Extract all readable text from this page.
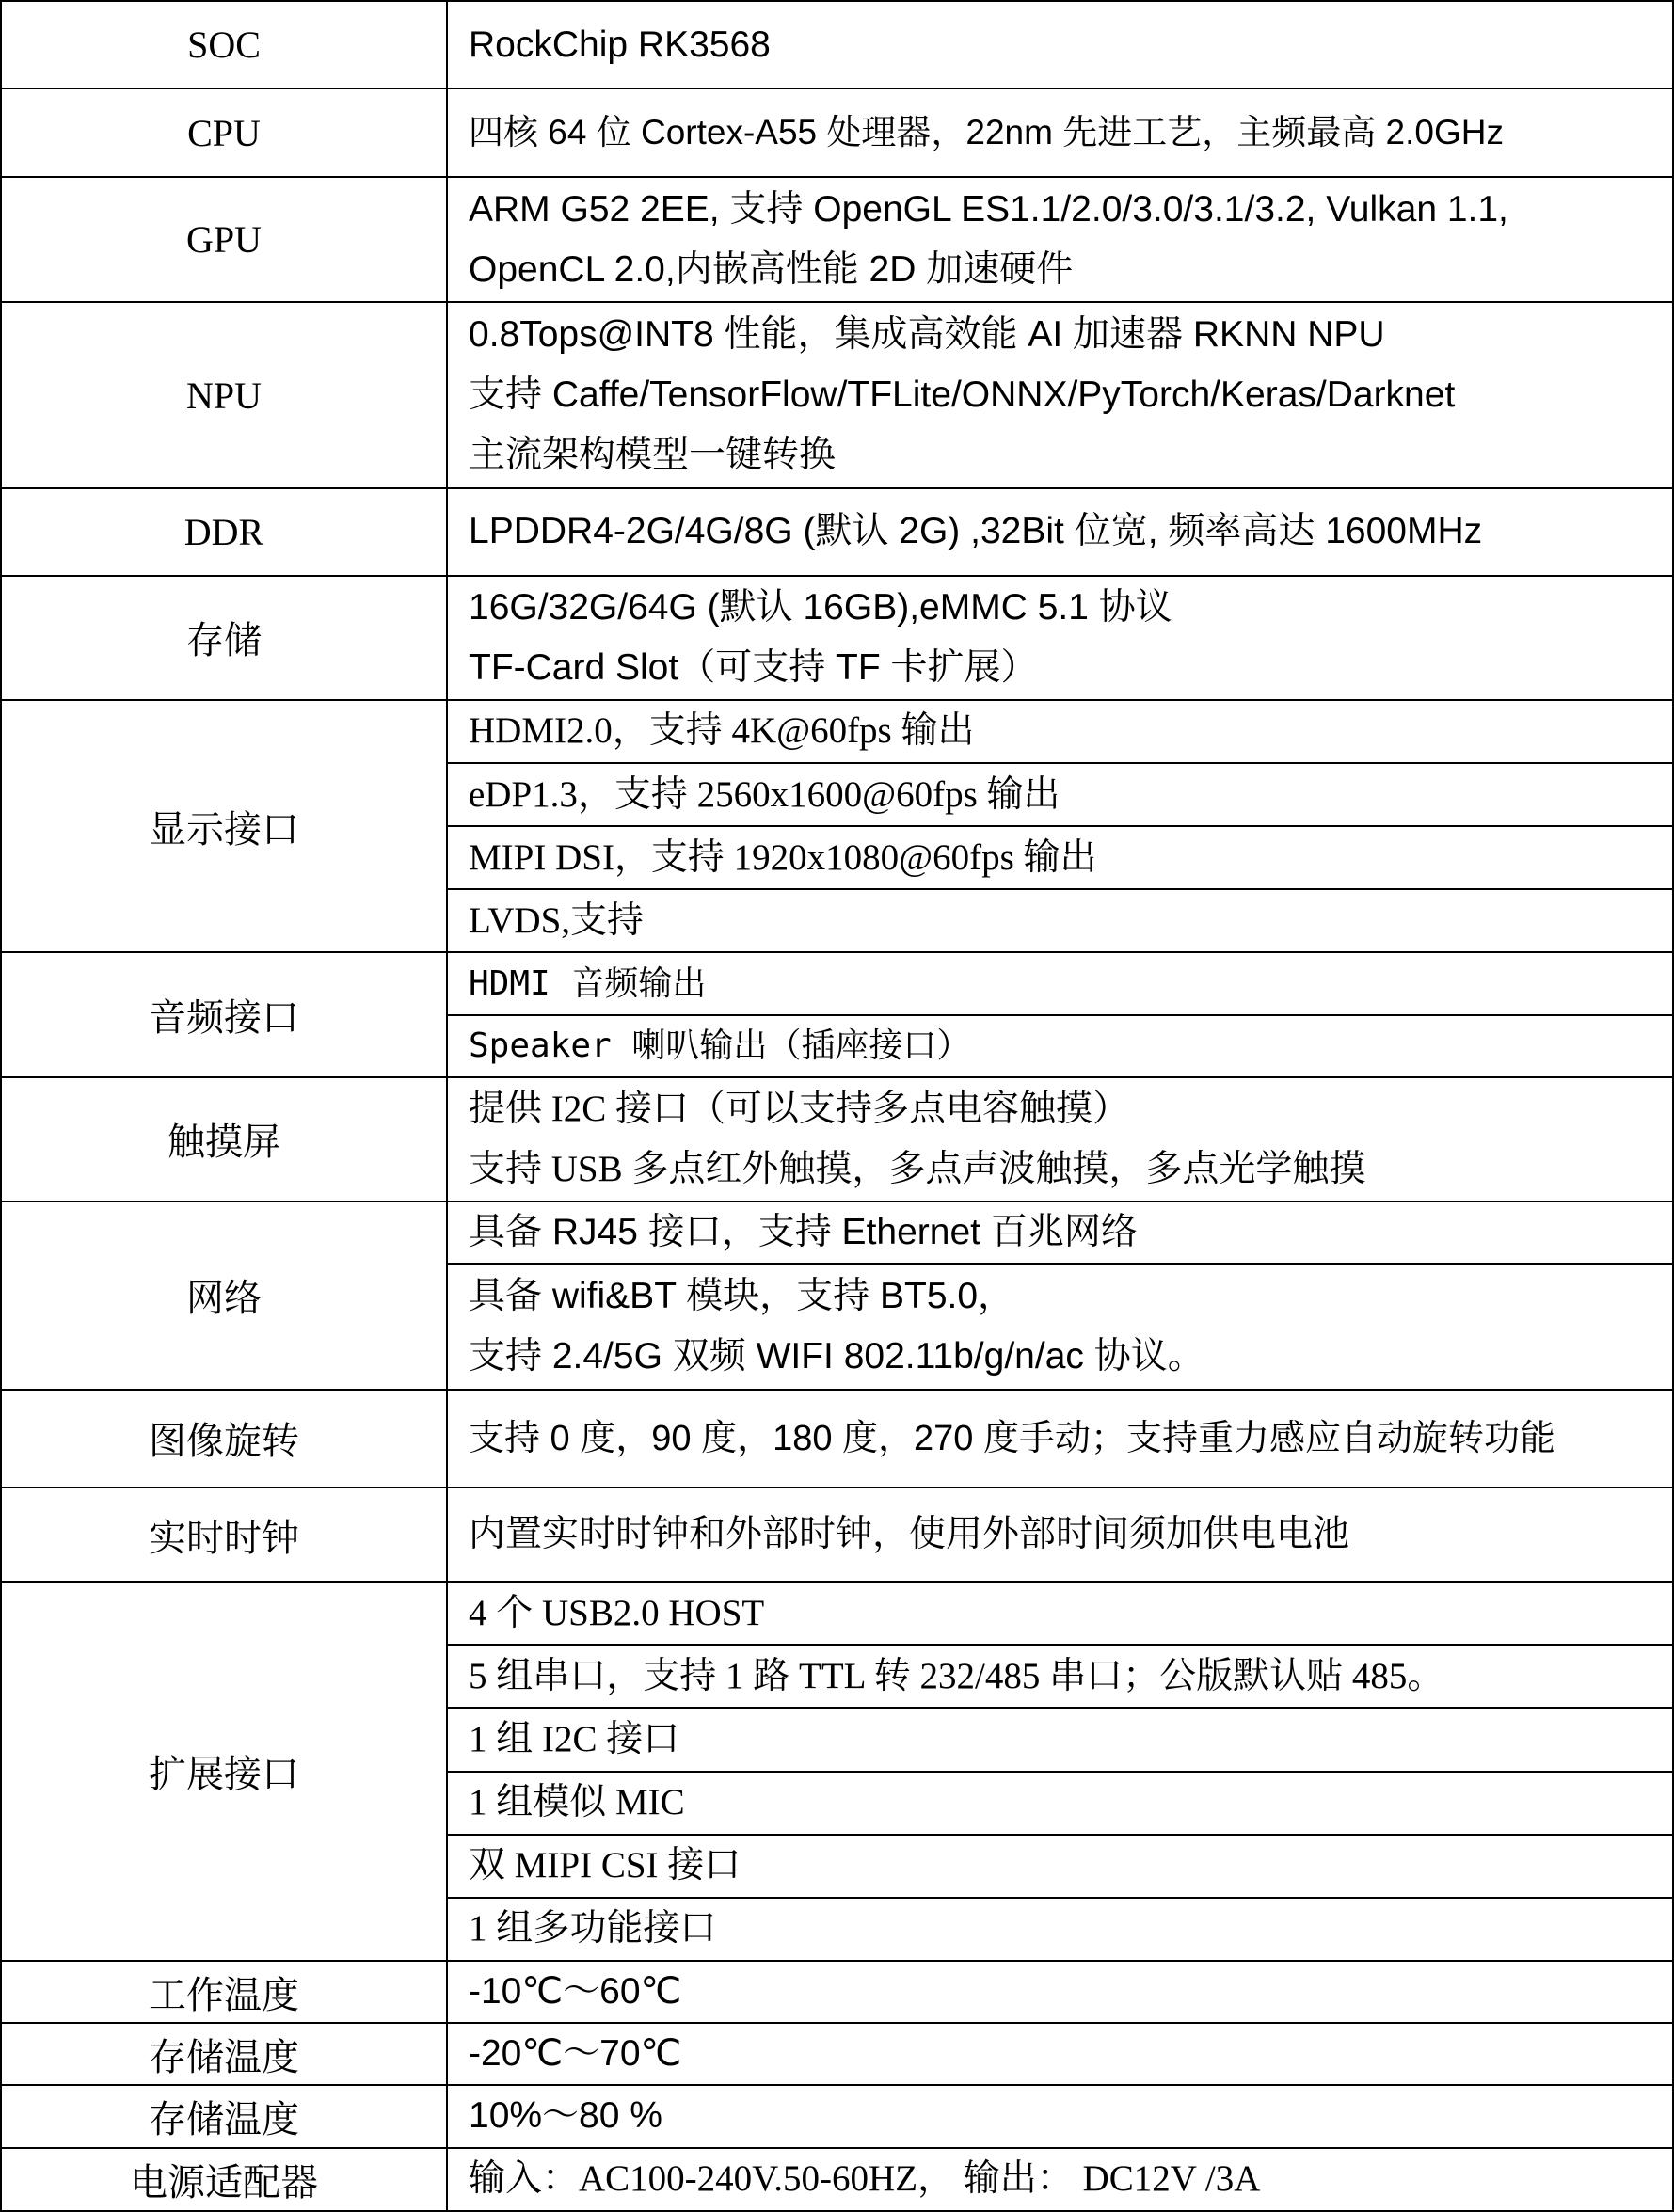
SOC	RockChip RK3568
CPU	四核 64 位 Cortex-A55 处理器，22nm 先进工艺，主频最高 2.0GHz
GPU	ARM G52 2EE, 支持 OpenGL ES1.1/2.0/3.0/3.1/3.2, Vulkan 1.1,
OpenCL 2.0,内嵌高性能 2D 加速硬件

NPU	0.8Tops@INT8 性能，集成高效能 AI 加速器 RKNN NPU
支持 Caffe/TensorFlow/TFLite/ONNX/PyTorch/Keras/Darknet
主流架构模型一键转换

DDR	LPDDR4-2G/4G/8G (默认 2G) ,32Bit 位宽, 频率高达 1600MHz
存储	16G/32G/64G (默认 16GB),eMMC 5.1 协议
TF-Card Slot（可支持 TF 卡扩展）

显示接口	HDMI2.0，支持 4K@60fps 输出
	eDP1.3，支持 2560x1600@60fps 输出
	MIPI DSI，支持 1920x1080@60fps 输出
	LVDS,支持
音频接口	HDMI 音频输出
	Speaker 喇叭输出（插座接口）
触摸屏	提供 I2C 接口（可以支持多点电容触摸）
支持 USB 多点红外触摸，多点声波触摸，多点光学触摸

网络	具备 RJ45 接口，支持 Ethernet 百兆网络

	具备 wifi&BT 模块，支持 BT5.0，
支持 2.4/5G 双频 WIFI 802.11b/g/n/ac 协议。

图像旋转	支持 0 度，90 度，180 度，270 度手动；支持重力感应自动旋转功能
实时时钟	内置实时时钟和外部时钟，使用外部时间须加供电电池
扩展接口	4 个 USB2.0 HOST
	5 组串口，支持 1 路 TTL 转 232/485 串口；公版默认贴 485。
	1 组 I2C 接口
	1 组模似 MIC
	双 MIPI CSI 接口
	1 组多功能接口
工作温度	-10℃～60℃
存储温度	-20℃～70℃
存储温度	10%～80 %
电源适配器	输入：AC100-240V.50-60HZ， 输出： DC12V /3A
